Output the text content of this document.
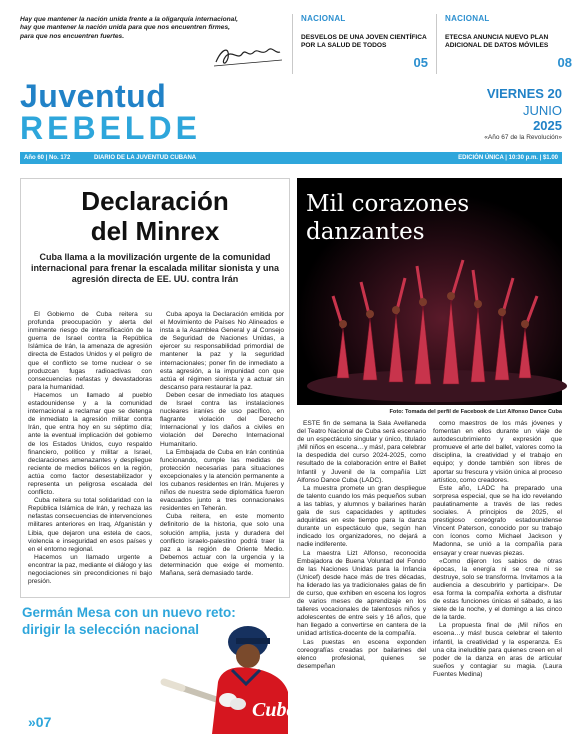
Hay que mantener la nación unida frente a la oligarquía internacional, hay que mantener la nación unida para que nos encuentren firmes, para que nos encuentren fuertes.
NACIONAL
DESVELOS DE UNA JOVEN CIENTÍFICA POR LA SALUD DE TODOS
05
NACIONAL
ETECSA ANUNCIA NUEVO PLAN ADICIONAL DE DATOS MÓVILES
08
Juventud
REBELDE
VIERNES 20
JUNIO
2025
«Año 67 de la Revolución»
Año 60 | No. 172	DIARIO DE LA JUVENTUD CUBANA	EDICIÓN ÚNICA | 10:30 p.m. | $1.00
Declaración
del Minrex
Cuba llama a la movilización urgente de la comunidad internacional para frenar la escalada militar sionista y una agresión directa de EE. UU. contra Irán

El Gobierno de Cuba reitera su profunda preocupación y alerta del inminente riesgo de intensificación de la guerra de Israel contra la República Islámica de Irán, la amenaza de agresión directa de Estados Unidos y el peligro de que el conflicto se torne nuclear o se produzcan fugas radioactivas con consecuencias nefastas y devastadoras para la humanidad.

Hacemos un llamado al pueblo estadounidense y a la comunidad internacional a reclamar que se detenga de inmediato la agresión militar contra Irán, que entra hoy en su séptimo día; ante la eventual implicación del gobierno de los Estados Unidos, cuyo respaldo financiero, político y militar a Israel, declaraciones amenazantes y despliegue reciente de medios bélicos en la región, actúa como factor desestabilizador y representa un peligrosa escalada del conflicto.

Cuba reitera su total solidaridad con la República Islámica de Irán, y rechaza las nefastas consecuencias de intervenciones militares anteriores en Iraq, Afganistán y Libia, que dejaron una estela de caos, violencia e inseguridad en esos países y en el entorno regional.

Hacemos un llamado urgente a encontrar la paz, mediante el diálogo y las negociaciones sin precondiciones ni bajo presión.

Cuba apoya la Declaración emitida por el Movimiento de Países No Alineados e insta a la Asamblea General y al Consejo de Seguridad de Naciones Unidas, a ejercer su responsabilidad primordial de mantener la paz y la seguridad internacionales; poner fin de inmediato a esta agresión, a la impunidad con que actúa el régimen sionista y a actuar sin descanso para restaurar la paz.

Deben cesar de inmediato los ataques de Israel contra las instalaciones nucleares iraníes de uso pacífico, en flagrante violación del Derecho Internacional y los daños a civiles en violación del Derecho Internacional Humanitario.

La Embajada de Cuba en Irán continúa funcionando, cumple las medidas de protección necesarias para situaciones excepcionales y la atención permanente a los cubanos residentes en Irán. Mujeres y niños de nuestra sede diplomática fueron evacuados junto a tres connacionales residentes en Teherán.

Cuba reitera, en este momento definitorio de la historia, que solo una solución amplia, justa y duradera del conflicto israelo-palestino podrá traer la paz a la región de Oriente Medio. Debemos actuar con la urgencia y la determinación que exige el momento. Mañana, será demasiado tarde.

Germán Mesa con un nuevo reto: dirigir la selección nacional
»07
Cuba
Mil corazones danzantes
Foto: Tomada del perfil de Facebook de Lizt Alfonso Dance Cuba

ESTE fin de semana la Sala Avellaneda del Teatro Nacional de Cuba será escenario de un espectáculo singular y único, titulado ¡Mil niños en escena…y más!, para celebrar la despedida del curso 2024-2025, como resultado de la colaboración entre el Ballet Infantil y Juvenil de la compañía Lizt Alfonso Dance Cuba (LADC).

La muestra promete un gran despliegue de talento cuando los más pequeños suban a las tablas, y alumnos y bailarines harán gala de sus capacidades y aptitudes adquiridas en este tiempo para la danza durante un espectáculo que, según han indicado los organizadores, no dejará a nadie indiferente.

La maestra Lizt Alfonso, reconocida Embajadora de Buena Voluntad del Fondo de las Naciones Unidas para la Infancia (Unicef) desde hace más de tres décadas, ha liderado las ya tradicionales galas de fin de curso, que exhiben en escena los logros de varios meses de aprendizaje en los talleres vocacionales de talentosos niños y adolescentes de entre seis y 16 años, que han llegado a convertirse en cantera de la unidad artística-docente de la compañía.

Las puestas en escena exponden coreografías creadas por bailarines del elenco profesional, quienes se desempeñan

como maestros de los más jóvenes y fomentan en ellos durante un viaje de autodescubrimiento y expresión que promueve el arte del ballet, valores como la disciplina, la creatividad y el trabajo en equipo; y donde también son libres de aportar su frescura y visión única al proceso artístico, como creadores.

Este año, LADC ha preparado una sorpresa especial, que se ha ido revelando paulatinamente a través de las redes sociales. A principios de 2025, el prestigioso coreógrafo estadounidense Vincent Paterson, conocido por su trabajo con íconos como Michael Jackson y Madonna, se unió a la compañía para ensayar y crear nuevas piezas.

«Como dijeron los sabios de otras épocas, la energía ni se crea ni se destruye, solo se transforma. Invitamos a la audiencia a descubrirlo y participar». De esa forma la compañía exhorta a disfrutar de estas funciones únicas el sábado, a las siete de la noche, y el domingo a las cinco de la tarde.

La propuesta final de ¡Mil niños en escena…y más! busca celebrar el talento infantil, la creatividad y la esperanza. Es una cita ineludible para quienes creen en el poder de la danza en aras de articular sueños y contagiar su magia. (Laura Fuentes Medina)
